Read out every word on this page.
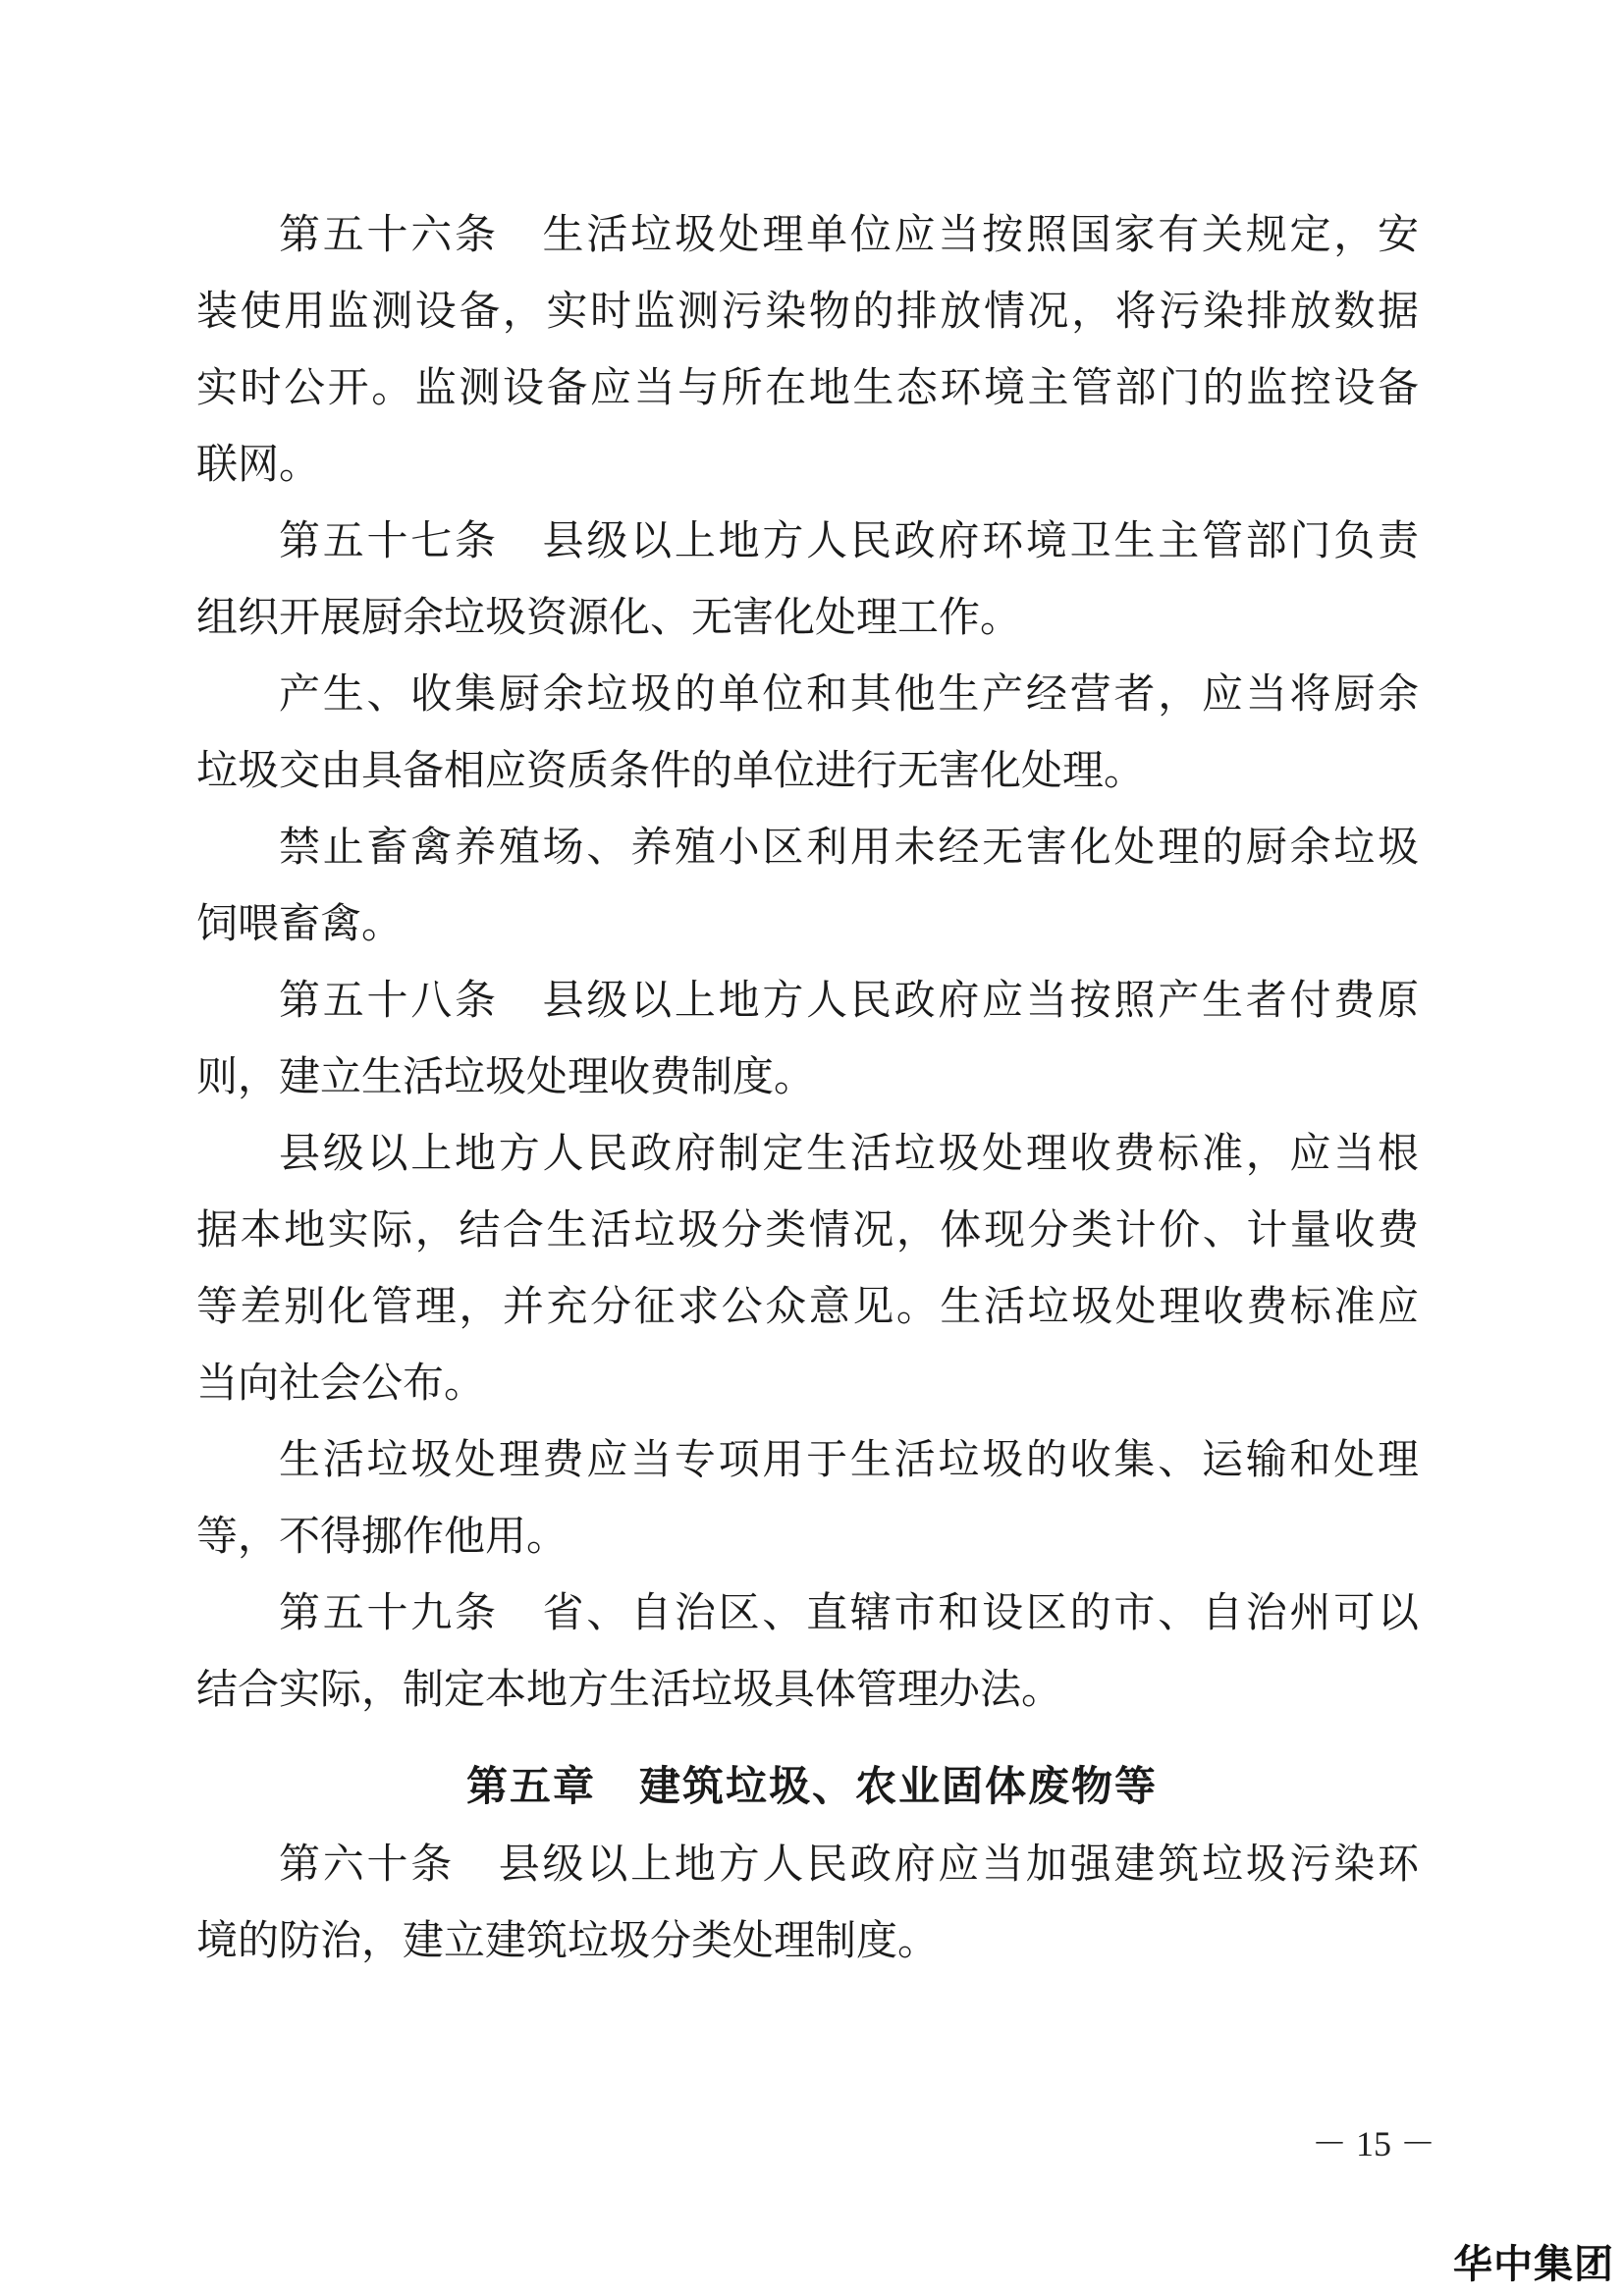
第五十六条　生活垃圾处理单位应当按照国家有关规定，安
装使用监测设备，实时监测污染物的排放情况，将污染排放数据
实时公开。监测设备应当与所在地生态环境主管部门的监控设备
联网。
第五十七条　县级以上地方人民政府环境卫生主管部门负责
组织开展厨余垃圾资源化、无害化处理工作。
产生、收集厨余垃圾的单位和其他生产经营者，应当将厨余
垃圾交由具备相应资质条件的单位进行无害化处理。
禁止畜禽养殖场、养殖小区利用未经无害化处理的厨余垃圾
饲喂畜禽。
第五十八条　县级以上地方人民政府应当按照产生者付费原
则，建立生活垃圾处理收费制度。
县级以上地方人民政府制定生活垃圾处理收费标准，应当根
据本地实际，结合生活垃圾分类情况，体现分类计价、计量收费
等差别化管理，并充分征求公众意见。生活垃圾处理收费标准应
当向社会公布。
生活垃圾处理费应当专项用于生活垃圾的收集、运输和处理
等，不得挪作他用。
第五十九条　省、自治区、直辖市和设区的市、自治州可以
结合实际，制定本地方生活垃圾具体管理办法。
第五章　建筑垃圾、农业固体废物等
第六十条　县级以上地方人民政府应当加强建筑垃圾污染环
境的防治，建立建筑垃圾分类处理制度。
－ 15 －
华中集团
